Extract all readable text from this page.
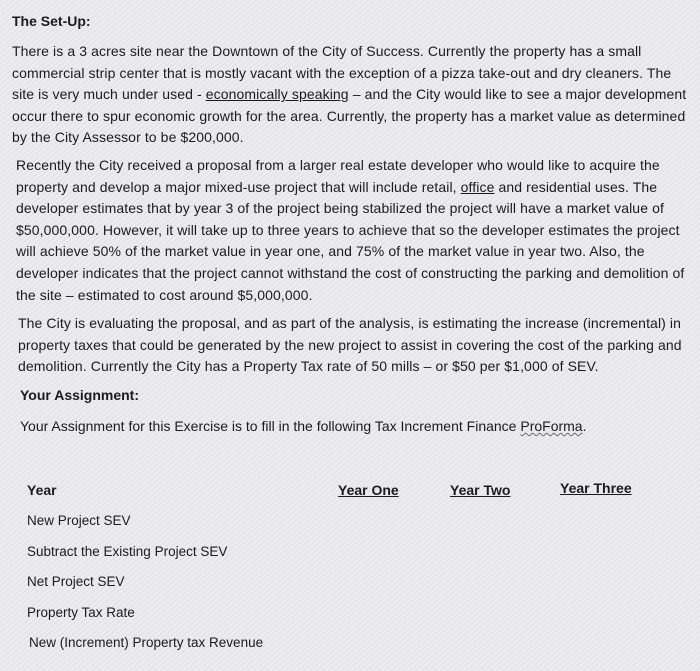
The Set-Up:

There is a 3 acres site near the Downtown of the City of Success. Currently the property has a small commercial strip center that is mostly vacant with the exception of a pizza take-out and dry cleaners. The site is very much under used - economically speaking – and the City would like to see a major development occur there to spur economic growth for the area. Currently, the property has a market value as determined by the City Assessor to be $200,000.

Recently the City received a proposal from a larger real estate developer who would like to acquire the property and develop a major mixed-use project that will include retail, office and residential uses. The developer estimates that by year 3 of the project being stabilized the project will have a market value of $50,000,000. However, it will take up to three years to achieve that so the developer estimates the project will achieve 50% of the market value in year one, and 75% of the market value in year two. Also, the developer indicates that the project cannot withstand the cost of constructing the parking and demolition of the site – estimated to cost around $5,000,000.

The City is evaluating the proposal, and as part of the analysis, is estimating the increase (incremental) in property taxes that could be generated by the new project to assist in covering the cost of the parking and demolition. Currently the City has a Property Tax rate of 50 mills – or $50 per $1,000 of SEV.

Your Assignment:
Your Assignment for this Exercise is to fill in the following Tax Increment Finance ProForma.
Year	Year One	Year Two	Year Three
New Project SEV
Subtract the Existing Project SEV
Net Project SEV
Property Tax Rate
New (Increment) Property tax Revenue
